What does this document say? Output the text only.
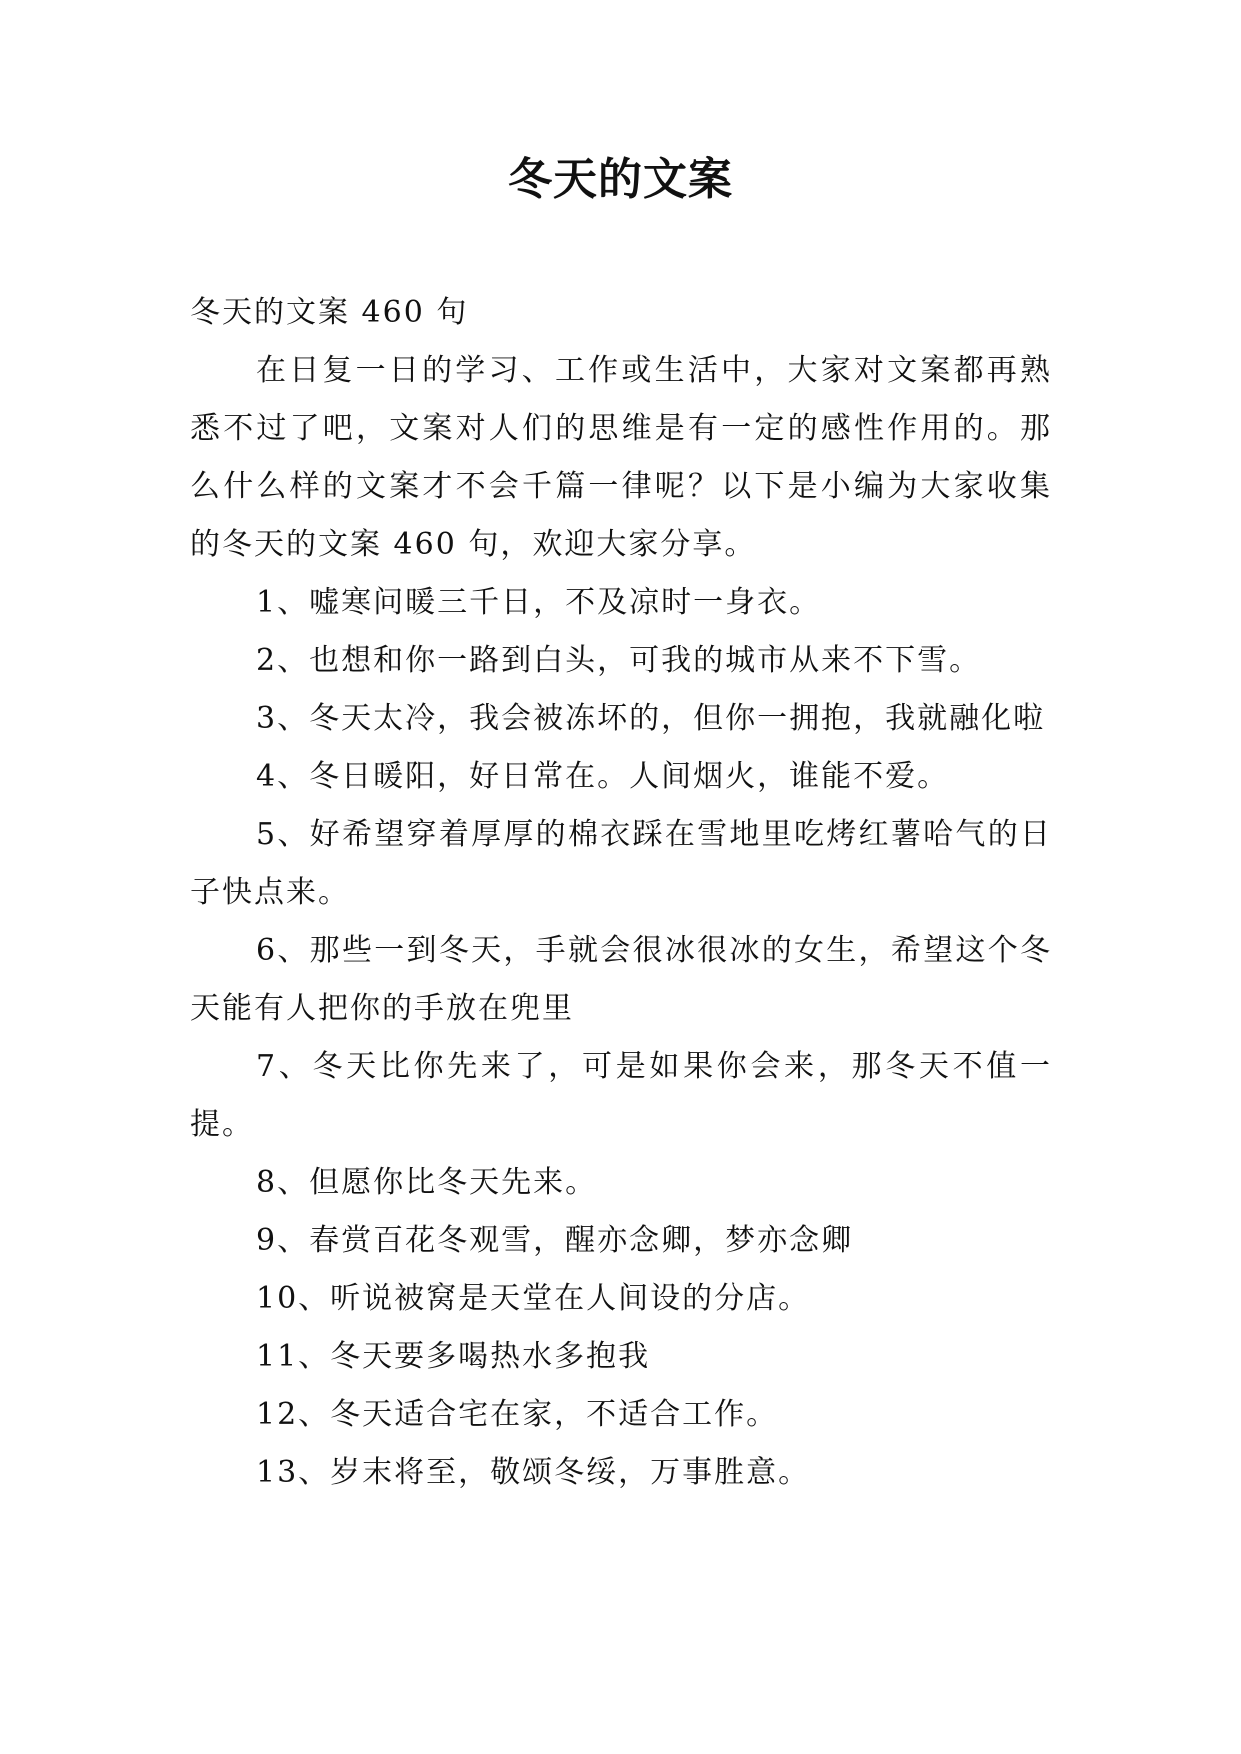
冬天的文案

冬天的文案 460 句

在日复一日的学习、工作或生活中，大家对文案都再熟悉不过了吧，文案对人们的思维是有一定的感性作用的。那么什么样的文案才不会千篇一律呢？以下是小编为大家收集的冬天的文案 460 句，欢迎大家分享。

1、嘘寒问暖三千日，不及凉时一身衣。

2、也想和你一路到白头，可我的城市从来不下雪。

3、冬天太冷，我会被冻坏的，但你一拥抱，我就融化啦

4、冬日暖阳，好日常在。人间烟火，谁能不爱。

5、好希望穿着厚厚的棉衣踩在雪地里吃烤红薯哈气的日子快点来。

6、那些一到冬天，手就会很冰很冰的女生，希望这个冬天能有人把你的手放在兜里

7、冬天比你先来了，可是如果你会来，那冬天不值一提。

8、但愿你比冬天先来。

9、春赏百花冬观雪，醒亦念卿，梦亦念卿

10、听说被窝是天堂在人间设的分店。

11、冬天要多喝热水多抱我

12、冬天适合宅在家，不适合工作。

13、岁末将至，敬颂冬绥，万事胜意。
